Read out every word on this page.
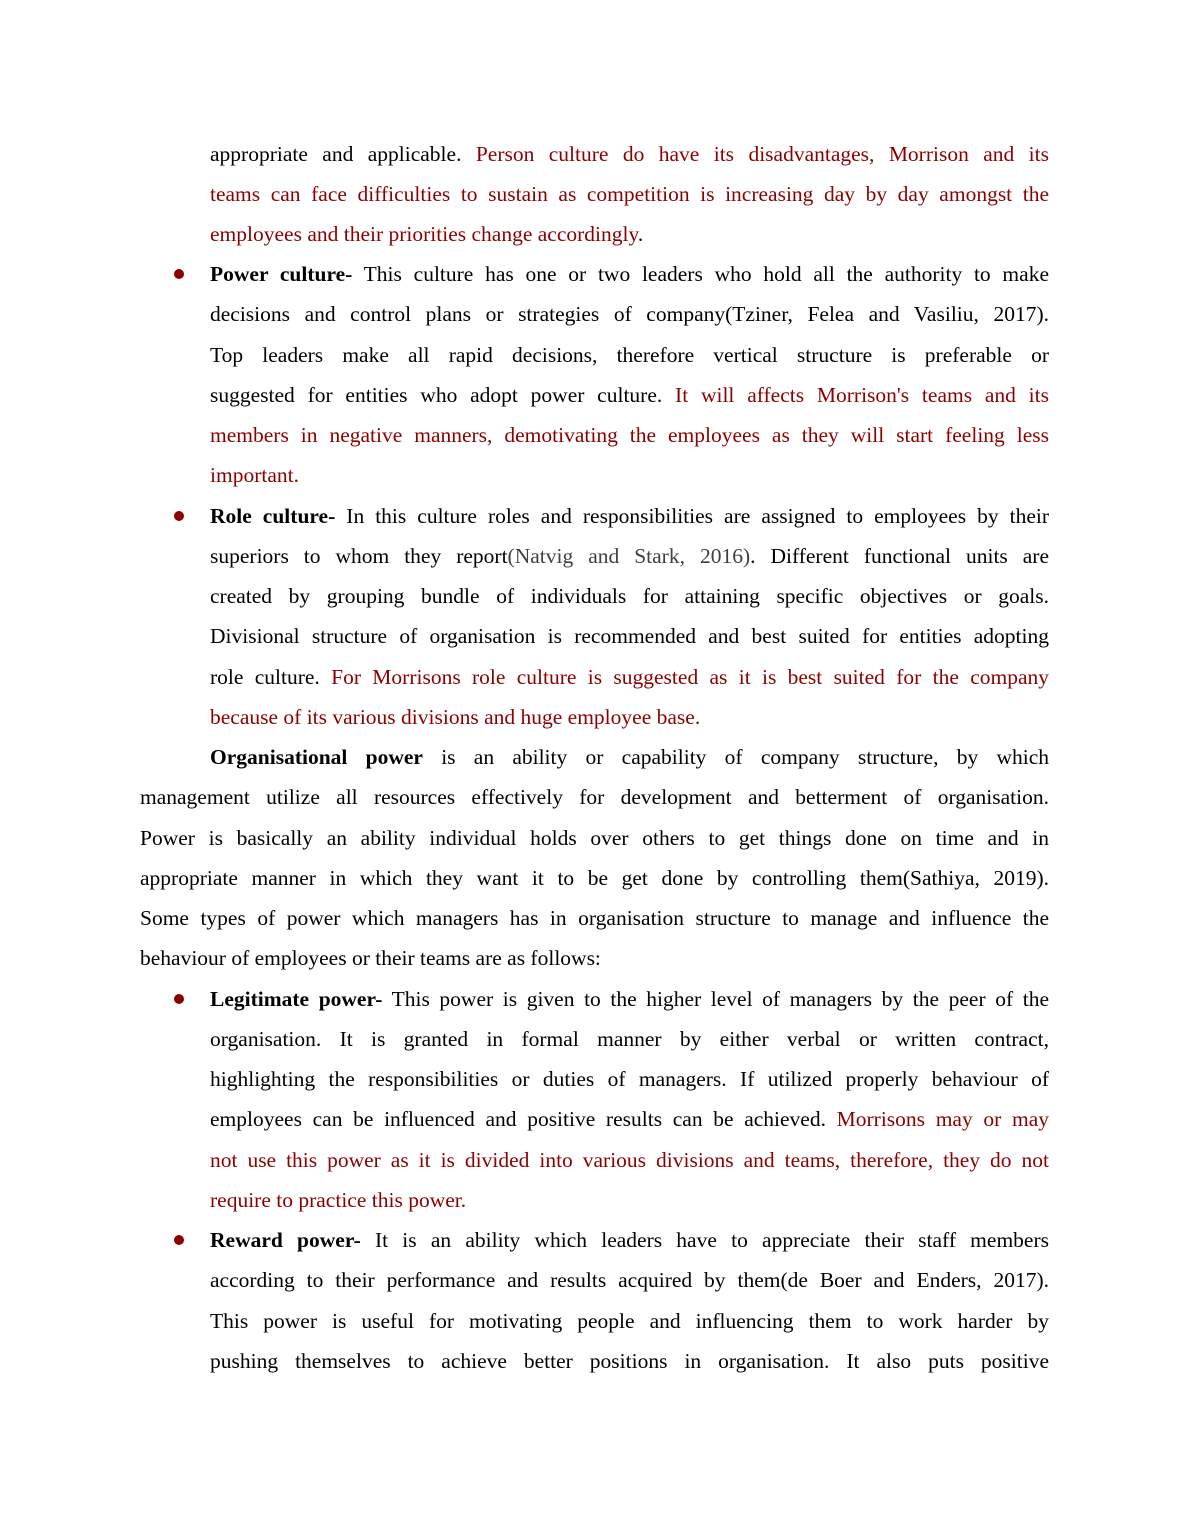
appropriate and applicable. Person culture do have its disadvantages, Morrison and its
teams can face difficulties to sustain as competition is increasing day by day amongst the
employees and their priorities change accordingly.
Power culture- This culture has one or two leaders who hold all the authority to make
decisions and control plans or strategies of company(Tziner, Felea and Vasiliu, 2017).
Top leaders make all rapid decisions, therefore vertical structure is preferable or
suggested for entities who adopt power culture. It will affects Morrison's teams and its
members in negative manners, demotivating the employees as they will start feeling less
important.
Role culture- In this culture roles and responsibilities are assigned to employees by their
superiors to whom they report(Natvig and Stark, 2016). Different functional units are
created by grouping bundle of individuals for attaining specific objectives or goals.
Divisional structure of organisation is recommended and best suited for entities adopting
role culture. For Morrisons role culture is suggested as it is best suited for the company
because of its various divisions and huge employee base.
Organisational power is an ability or capability of company structure, by which
management utilize all resources effectively for development and betterment of organisation.
Power is basically an ability individual holds over others to get things done on time and in
appropriate manner in which they want it to be get done by controlling them(Sathiya, 2019).
Some types of power which managers has in organisation structure to manage and influence the
behaviour of employees or their teams are as follows:
Legitimate power- This power is given to the higher level of managers by the peer of the
organisation. It is granted in formal manner by either verbal or written contract,
highlighting the responsibilities or duties of managers. If utilized properly behaviour of
employees can be influenced and positive results can be achieved. Morrisons may or may
not use this power as it is divided into various divisions and teams, therefore, they do not
require to practice this power.
Reward power- It is an ability which leaders have to appreciate their staff members
according to their performance and results acquired by them(de Boer and Enders, 2017).
This power is useful for motivating people and influencing them to work harder by
pushing themselves to achieve better positions in organisation. It also puts positive
